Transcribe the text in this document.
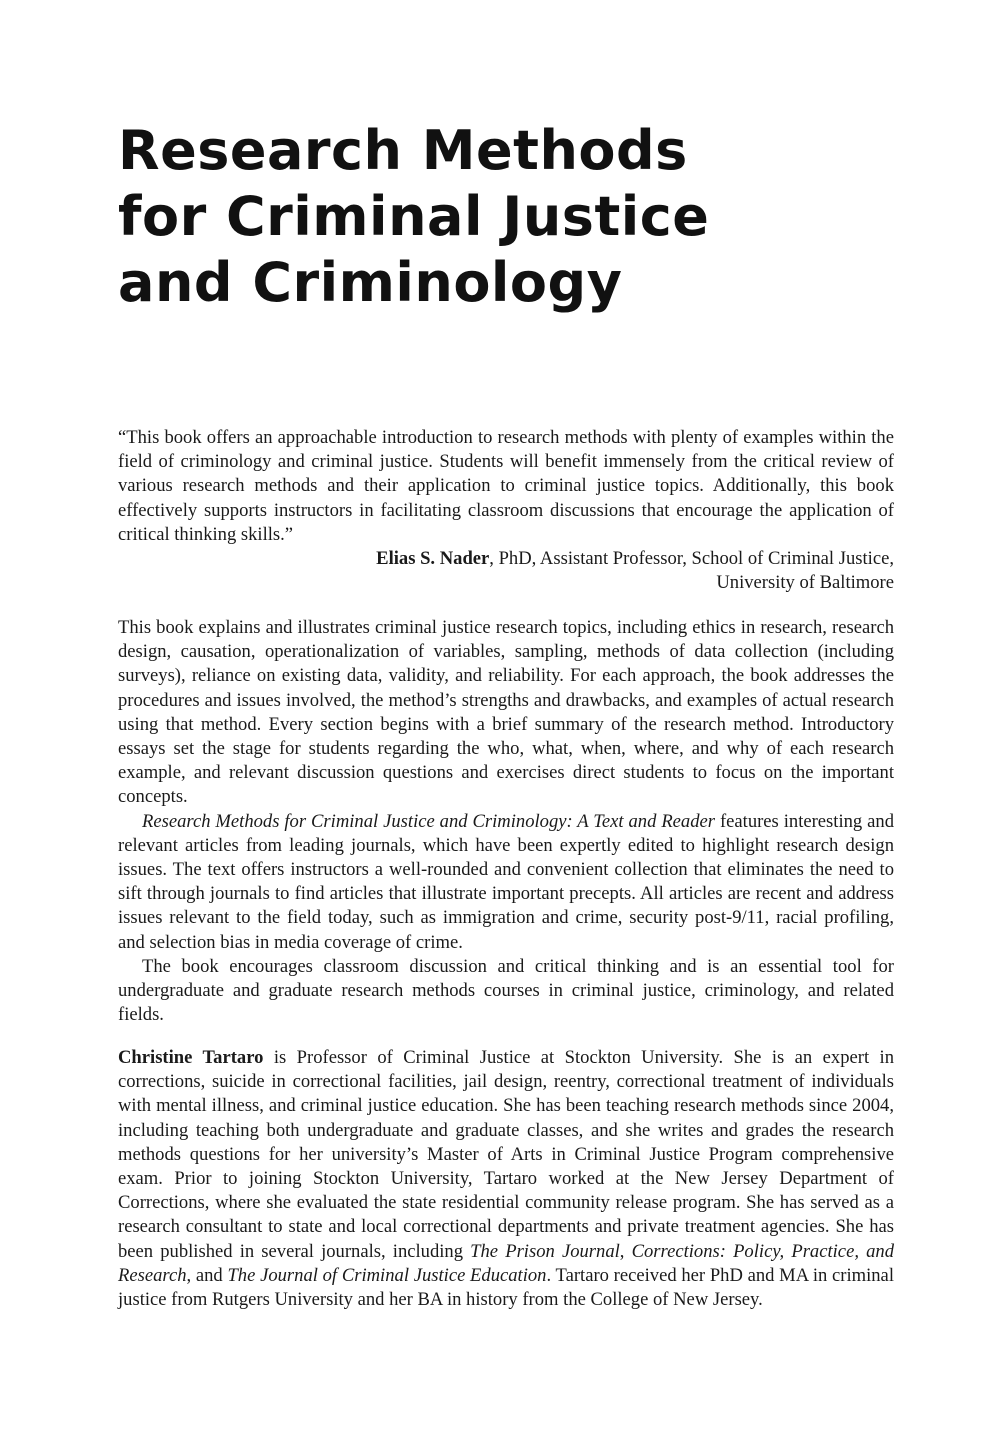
Research Methods
for Criminal Justice
and Criminology

“This book offers an approachable introduction to research methods with plenty of examples within the field of criminology and criminal justice. Students will benefit immensely from the critical review of various research methods and their application to criminal justice topics. Additionally, this book effectively supports instructors in facilitating classroom discussions that encourage the application of critical thinking skills.”

Elias S. Nader, PhD, Assistant Professor, School of Criminal Justice,
University of Baltimore

This book explains and illustrates criminal justice research topics, including ethics in research, research design, causation, operationalization of variables, sampling, methods of data collection (including surveys), reliance on existing data, validity, and reliability. For each approach, the book addresses the procedures and issues involved, the method’s strengths and drawbacks, and examples of actual research using that method. Every section begins with a brief summary of the research method. Introductory essays set the stage for students regarding the who, what, when, where, and why of each research example, and relevant discussion questions and exercises direct students to focus on the important concepts.

Research Methods for Criminal Justice and Criminology: A Text and Reader features interesting and relevant articles from leading journals, which have been expertly edited to highlight research design issues. The text offers instructors a well-rounded and convenient collection that eliminates the need to sift through journals to find articles that illustrate important precepts. All articles are recent and address issues relevant to the field today, such as immigration and crime, security post-9/11, racial profiling, and selection bias in media coverage of crime.

The book encourages classroom discussion and critical thinking and is an essential tool for undergraduate and graduate research methods courses in criminal justice, criminology, and related fields.

Christine Tartaro is Professor of Criminal Justice at Stockton University. She is an expert in corrections, suicide in correctional facilities, jail design, reentry, correctional treatment of individuals with mental illness, and criminal justice education. She has been teaching research methods since 2004, including teaching both undergraduate and graduate classes, and she writes and grades the research methods questions for her university’s Master of Arts in Criminal Justice Program comprehensive exam. Prior to joining Stockton University, Tartaro worked at the New Jersey Department of Corrections, where she evaluated the state residential community release program. She has served as a research consultant to state and local correctional departments and private treatment agencies. She has been published in several journals, including The Prison Journal, Corrections: Policy, Practice, and Research, and The Journal of Criminal Justice Education. Tartaro received her PhD and MA in criminal justice from Rutgers University and her BA in history from the College of New Jersey.
